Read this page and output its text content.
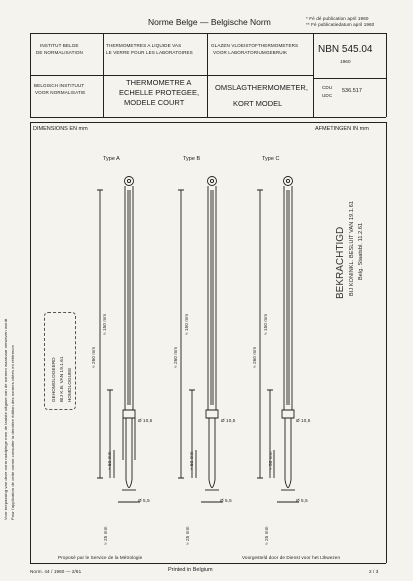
Norme Belge — Belgische Norm	* Fé dé publication april 1960
** Fé publicatiedatum april 1960
INSTITUT BELGE
DE NORMALISATION
BELGISCH INSTITUUT
VOOR NORMALISATIE
THERMOMETRES A LIQUIDE VAS
LE VERRE POUR LES LABORATOIRES
THERMOMETRE A
ECHELLE PROTEGEE,
MODELE COURT
GLAZEN VLOEISTOFTHERMOMETERS
VOOR LABORATORIUMGEBRUIK
OMSLAGTHERMOMETER,
KORT MODEL
NBN 545.04
1960
CDU
UDC
536.517
DIMENSIONS EN mm	AFMETINGEN IN mm
Type A	Type B	Type C
≈ 260 mm	≈ 260 mm	≈ 260 mm
≈ 150 mm	≈ 150 mm	≈ 150 mm
≈ 50 mm	≈ 50 mm	≈ 50 mm
≈ 25 mm	≈ 25 mm	≈ 25 mm
Ø 10,5	Ø 10,5	Ø 10,5
Ø 5,5	Ø 5,5	Ø 5,5
BEKRACHTIGD BIJ KONINKL. BESLUIT VAN 19.1.61 Belg. Staatsbl. 11.2.61
Voor toepassing van deze norm raadplege men de laatste uitgave van de normen waarnaar verwezen wordt Pour l'application de cette norme consulter la dernière édition des normes citées en référence	GEHOMOLOGEERD BIJ K.B. VAN 19.1.61 HOMOLOGUEE
Proposé par le Service de la Métrologie	Voorgesteld door de Dienst voor het IJkwezen
Norm. 44 / 1960 — 2/61	Printed in Belgium	2 / 3
